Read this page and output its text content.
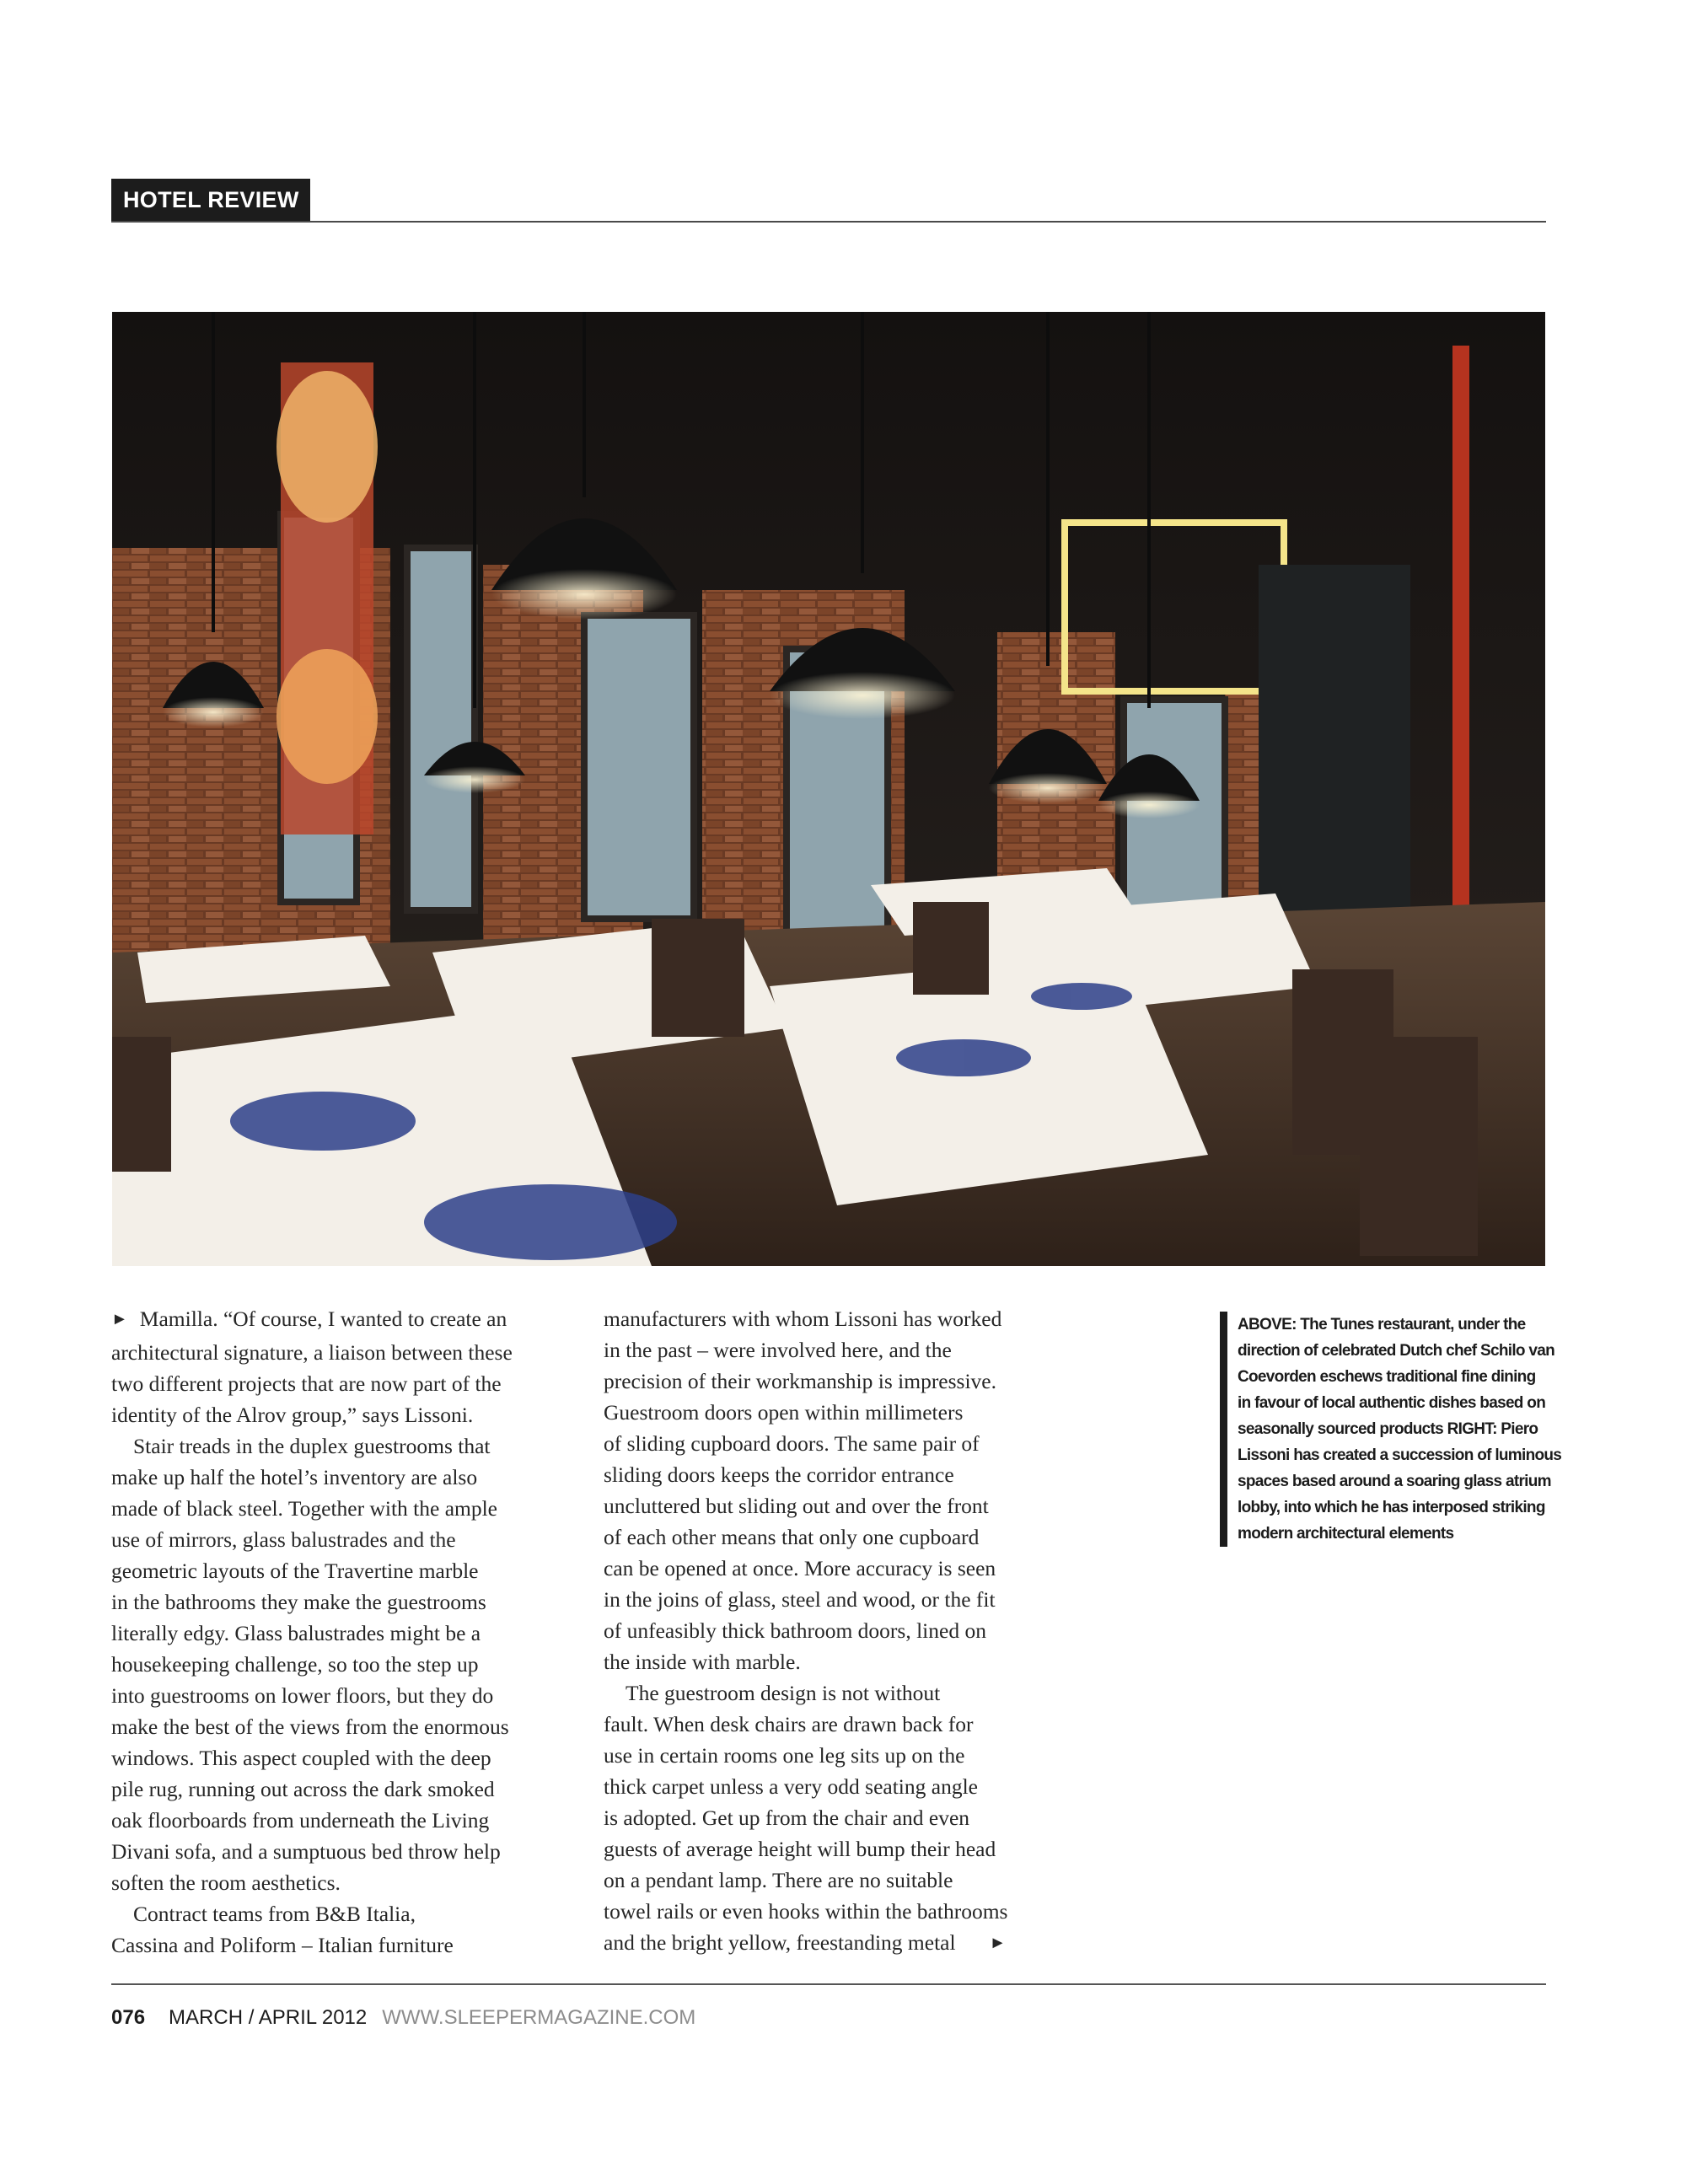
HOTEL REVIEW

► Mamilla. “Of course, I wanted to create an

architectural signature, a liaison between these

two different projects that are now part of the

identity of the Alrov group,” says Lissoni.

Stair treads in the duplex guestrooms that

make up half the hotel’s inventory are also

made of black steel. Together with the ample

use of mirrors, glass balustrades and the

geometric layouts of the Travertine marble

in the bathrooms they make the guestrooms

literally edgy. Glass balustrades might be a

housekeeping challenge, so too the step up

into guestrooms on lower floors, but they do

make the best of the views from the enormous

windows. This aspect coupled with the deep

pile rug, running out across the dark smoked

oak floorboards from underneath the Living

Divani sofa, and a sumptuous bed throw help

soften the room aesthetics.

Contract teams from B&B Italia,

Cassina and Poliform – Italian furniture

manufacturers with whom Lissoni has worked

in the past – were involved here, and the

precision of their workmanship is impressive.

Guestroom doors open within millimeters

of sliding cupboard doors. The same pair of

sliding doors keeps the corridor entrance

uncluttered but sliding out and over the front

of each other means that only one cupboard

can be opened at once. More accuracy is seen

in the joins of glass, steel and wood, or the fit

of unfeasibly thick bathroom doors, lined on

the inside with marble.

The guestroom design is not without

fault. When desk chairs are drawn back for

use in certain rooms one leg sits up on the

thick carpet unless a very odd seating angle

is adopted. Get up from the chair and even

guests of average height will bump their head

on a pendant lamp. There are no suitable

towel rails or even hooks within the bathrooms

and the bright yellow, freestanding metal ►

ABOVE: The Tunes restaurant, under the
direction of celebrated Dutch chef Schilo van
Coevorden eschews traditional fine dining
in favour of local authentic dishes based on
seasonally sourced products RIGHT: Piero
Lissoni has created a succession of luminous
spaces based around a soaring glass atrium
lobby, into which he has interposed striking
modern architectural elements
076 MARCH / APRIL 2012 WWW.SLEEPERMAGAZINE.COM
